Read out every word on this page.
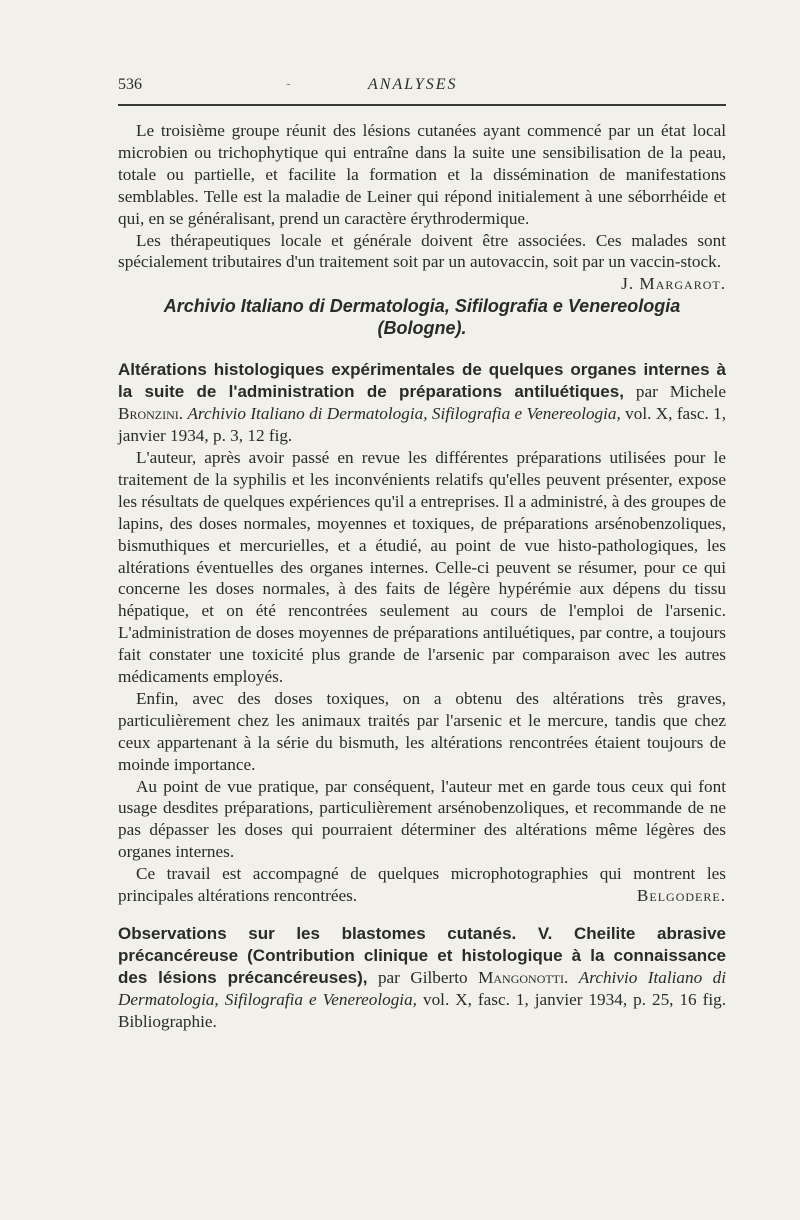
536	-	ANALYSES

Le troisième groupe réunit des lésions cutanées ayant commencé par un état local microbien ou trichophytique qui entraîne dans la suite une sensibilisation de la peau, totale ou partielle, et facilite la formation et la dissémination de manifestations semblables. Telle est la maladie de Leiner qui répond initialement à une séborrhéide et qui, en se généralisant, prend un caractère érythrodermique.

Les thérapeutiques locale et générale doivent être associées. Ces malades sont spécialement tributaires d'un traitement soit par un autovaccin, soit par un vaccin-stock.
J. Margarot.

Archivio Italiano di Dermatologia, Sifilografia e Venereologia
(Bologne).

Altérations histologiques expérimentales de quelques organes internes à la suite de l'administration de préparations antiluétiques, par Michele Bronzini. Archivio Italiano di Dermatologia, Sifilografia e Venereologia, vol. X, fasc. 1, janvier 1934, p. 3, 12 fig.

L'auteur, après avoir passé en revue les différentes préparations utilisées pour le traitement de la syphilis et les inconvénients relatifs qu'elles peuvent présenter, expose les résultats de quelques expériences qu'il a entreprises. Il a administré, à des groupes de lapins, des doses normales, moyennes et toxiques, de préparations arsénobenzoliques, bismuthiques et mercurielles, et a étudié, au point de vue histo-pathologiques, les altérations éventuelles des organes internes. Celle-ci peuvent se résumer, pour ce qui concerne les doses normales, à des faits de légère hypérémie aux dépens du tissu hépatique, et on été rencontrées seulement au cours de l'emploi de l'arsenic. L'administration de doses moyennes de préparations antiluétiques, par contre, a toujours fait constater une toxicité plus grande de l'arsenic par comparaison avec les autres médicaments employés.

Enfin, avec des doses toxiques, on a obtenu des altérations très graves, particulièrement chez les animaux traités par l'arsenic et le mercure, tandis que chez ceux appartenant à la série du bismuth, les altérations rencontrées étaient toujours de moinde importance.

Au point de vue pratique, par conséquent, l'auteur met en garde tous ceux qui font usage desdites préparations, particulièrement arsénobenzoliques, et recommande de ne pas dépasser les doses qui pourraient déterminer des altérations même légères des organes internes.

Ce travail est accompagné de quelques microphotographies qui montrent les principales altérations rencontrées.	Belgodere.

Observations sur les blastomes cutanés. V. Cheilite abrasive précancéreuse (Contribution clinique et histologique à la connaissance des lésions précancéreuses), par Gilberto Mangonotti. Archivio Italiano di Dermatologia, Sifilografia e Venereologia, vol. X, fasc. 1, janvier 1934, p. 25, 16 fig. Bibliographie.
